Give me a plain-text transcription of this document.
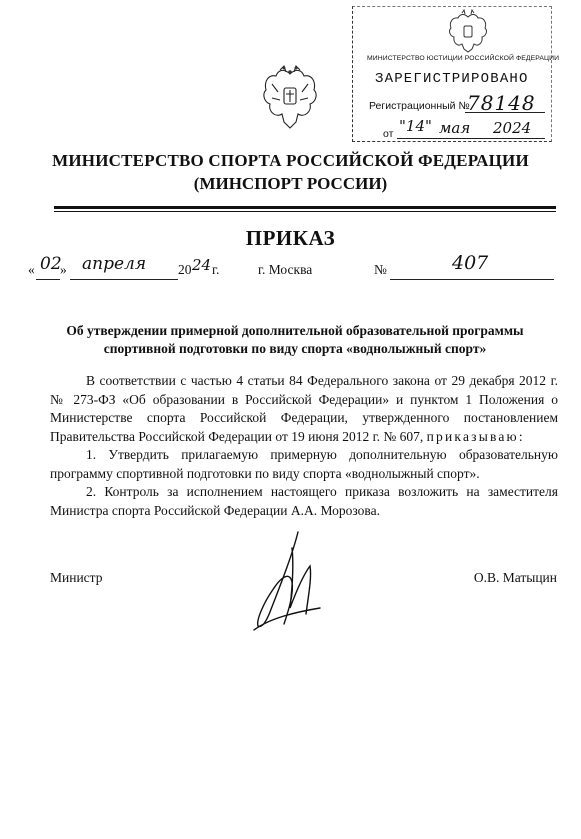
МИНИСТЕРСТВО ЮСТИЦИИ РОССИЙСКОЙ ФЕДЕРАЦИИ
ЗАРЕГИСТРИРОВАНО
Регистрационный №
78148
от "14" мая 2024
МИНИСТЕРСТВО СПОРТА РОССИЙСКОЙ ФЕДЕРАЦИИ
(МИНСПОРТ РОССИИ)
ПРИКАЗ
« 02
» апреля 20 24 г.	г. Москва	№	407
Об утверждении примерной дополнительной образовательной программы
спортивной подготовки по виду спорта «воднолыжный спорт»

В соответствии с частью 4 статьи 84 Федерального закона от 29 декабря 2012 г. № 273-ФЗ «Об образовании в Российской Федерации» и пунктом 1 Положения о Министерстве спорта Российской Федерации, утвержденного постановлением Правительства Российской Федерации от 19 июня 2012 г. № 607, приказываю:

1. Утвердить прилагаемую примерную дополнительную образовательную программу спортивной подготовки по виду спорта «воднолыжный спорт».

2. Контроль за исполнением настоящего приказа возложить на заместителя Министра спорта Российской Федерации А.А. Морозова.

Министр	О.В. Матыцин
